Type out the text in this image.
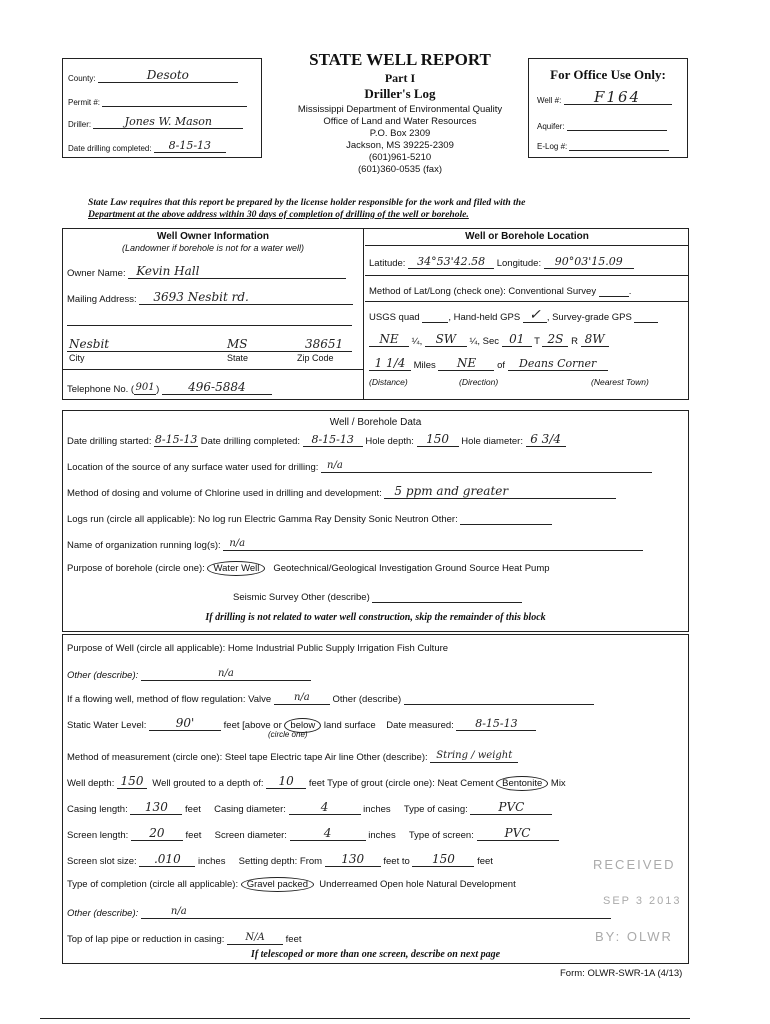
STATE WELL REPORT
Part I
Driller's Log
Mississippi Department of Environmental Quality
Office of Land and Water Resources
P.O. Box 2309
Jackson, MS 39225-2309
(601)961-5210
(601)360-0535 (fax)
County:	Desoto
Permit #:
Driller:	Jones W. Mason
Date drilling completed: 8-15-13
For Office Use Only:
Well #: F164
Aquifer:
E-Log #:
State Law requires that this report be prepared by the license holder responsible for the work and filed with the
Department at the above address within 30 days of completion of drilling of the well or borehole.
Well Owner Information
(Landowner if borehole is not for a water well)
Owner Name: Kevin Hall
Mailing Address: 3693 Nesbit rd.
Nesbit	MS	38651
City	State	Zip Code
Telephone No. (901) 496-5884
Well or Borehole Location
Latitude: 34°53'42.58 Longitude: 90°03'15.09
Method of Lat/Long (check one): Conventional Survey	.
USGS quad	, Hand-held GPS ✓ , Survey-grade GPS
NE ¼, SW ¼, Sec 01 T 2S R 8W
1 1/4 Miles NE of Deans Corner
(Distance)	(Direction)	(Nearest Town)
Well / Borehole Data
Date drilling started: 8-15-13 Date drilling completed: 8-15-13 Hole depth: 150 Hole diameter: 6 3/4
Location of the source of any surface water used for drilling: n/a
Method of dosing and volume of Chlorine used in drilling and development: 5 ppm and greater
Logs run (circle all applicable): No log run Electric Gamma Ray Density Sonic Neutron Other:
Name of organization running log(s): n/a
Purpose of borehole (circle one): Water Well Geotechnical/Geological Investigation Ground Source Heat Pump
Seismic Survey Other (describe)
If drilling is not related to water well construction, skip the remainder of this block
Purpose of Well (circle all applicable): Home Industrial Public Supply Irrigation Fish Culture
Other (describe):	n/a
If a flowing well, method of flow regulation: Valve n/a Other (describe)
Static Water Level: 90'	feet [above or below land surface Date measured: 8-15-13
(circle one)
Method of measurement (circle one): Steel tape Electric tape Air line Other (describe): String / weight
Well depth: 150 Well grouted to a depth of: 10 feet Type of grout (circle one): Neat Cement Bentonite Mix
Casing length: 130 feet Casing diameter:	4	inches Type of casing:	PVC
Screen length: 20 feet Screen diameter:	4	inches Type of screen:	PVC
Screen slot size: .010 inches Setting depth: From 130 feet to 150 feet
Type of completion (circle all applicable): Gravel packed Underreamed Open hole Natural Development
Other (describe):	n/a
Top of lap pipe or reduction in casing: N/A feet
If telescoped or more than one screen, describe on next page
RECEIVED
SEP 3 2013
BY: OLWR
Form: OLWR-SWR-1A (4/13)
